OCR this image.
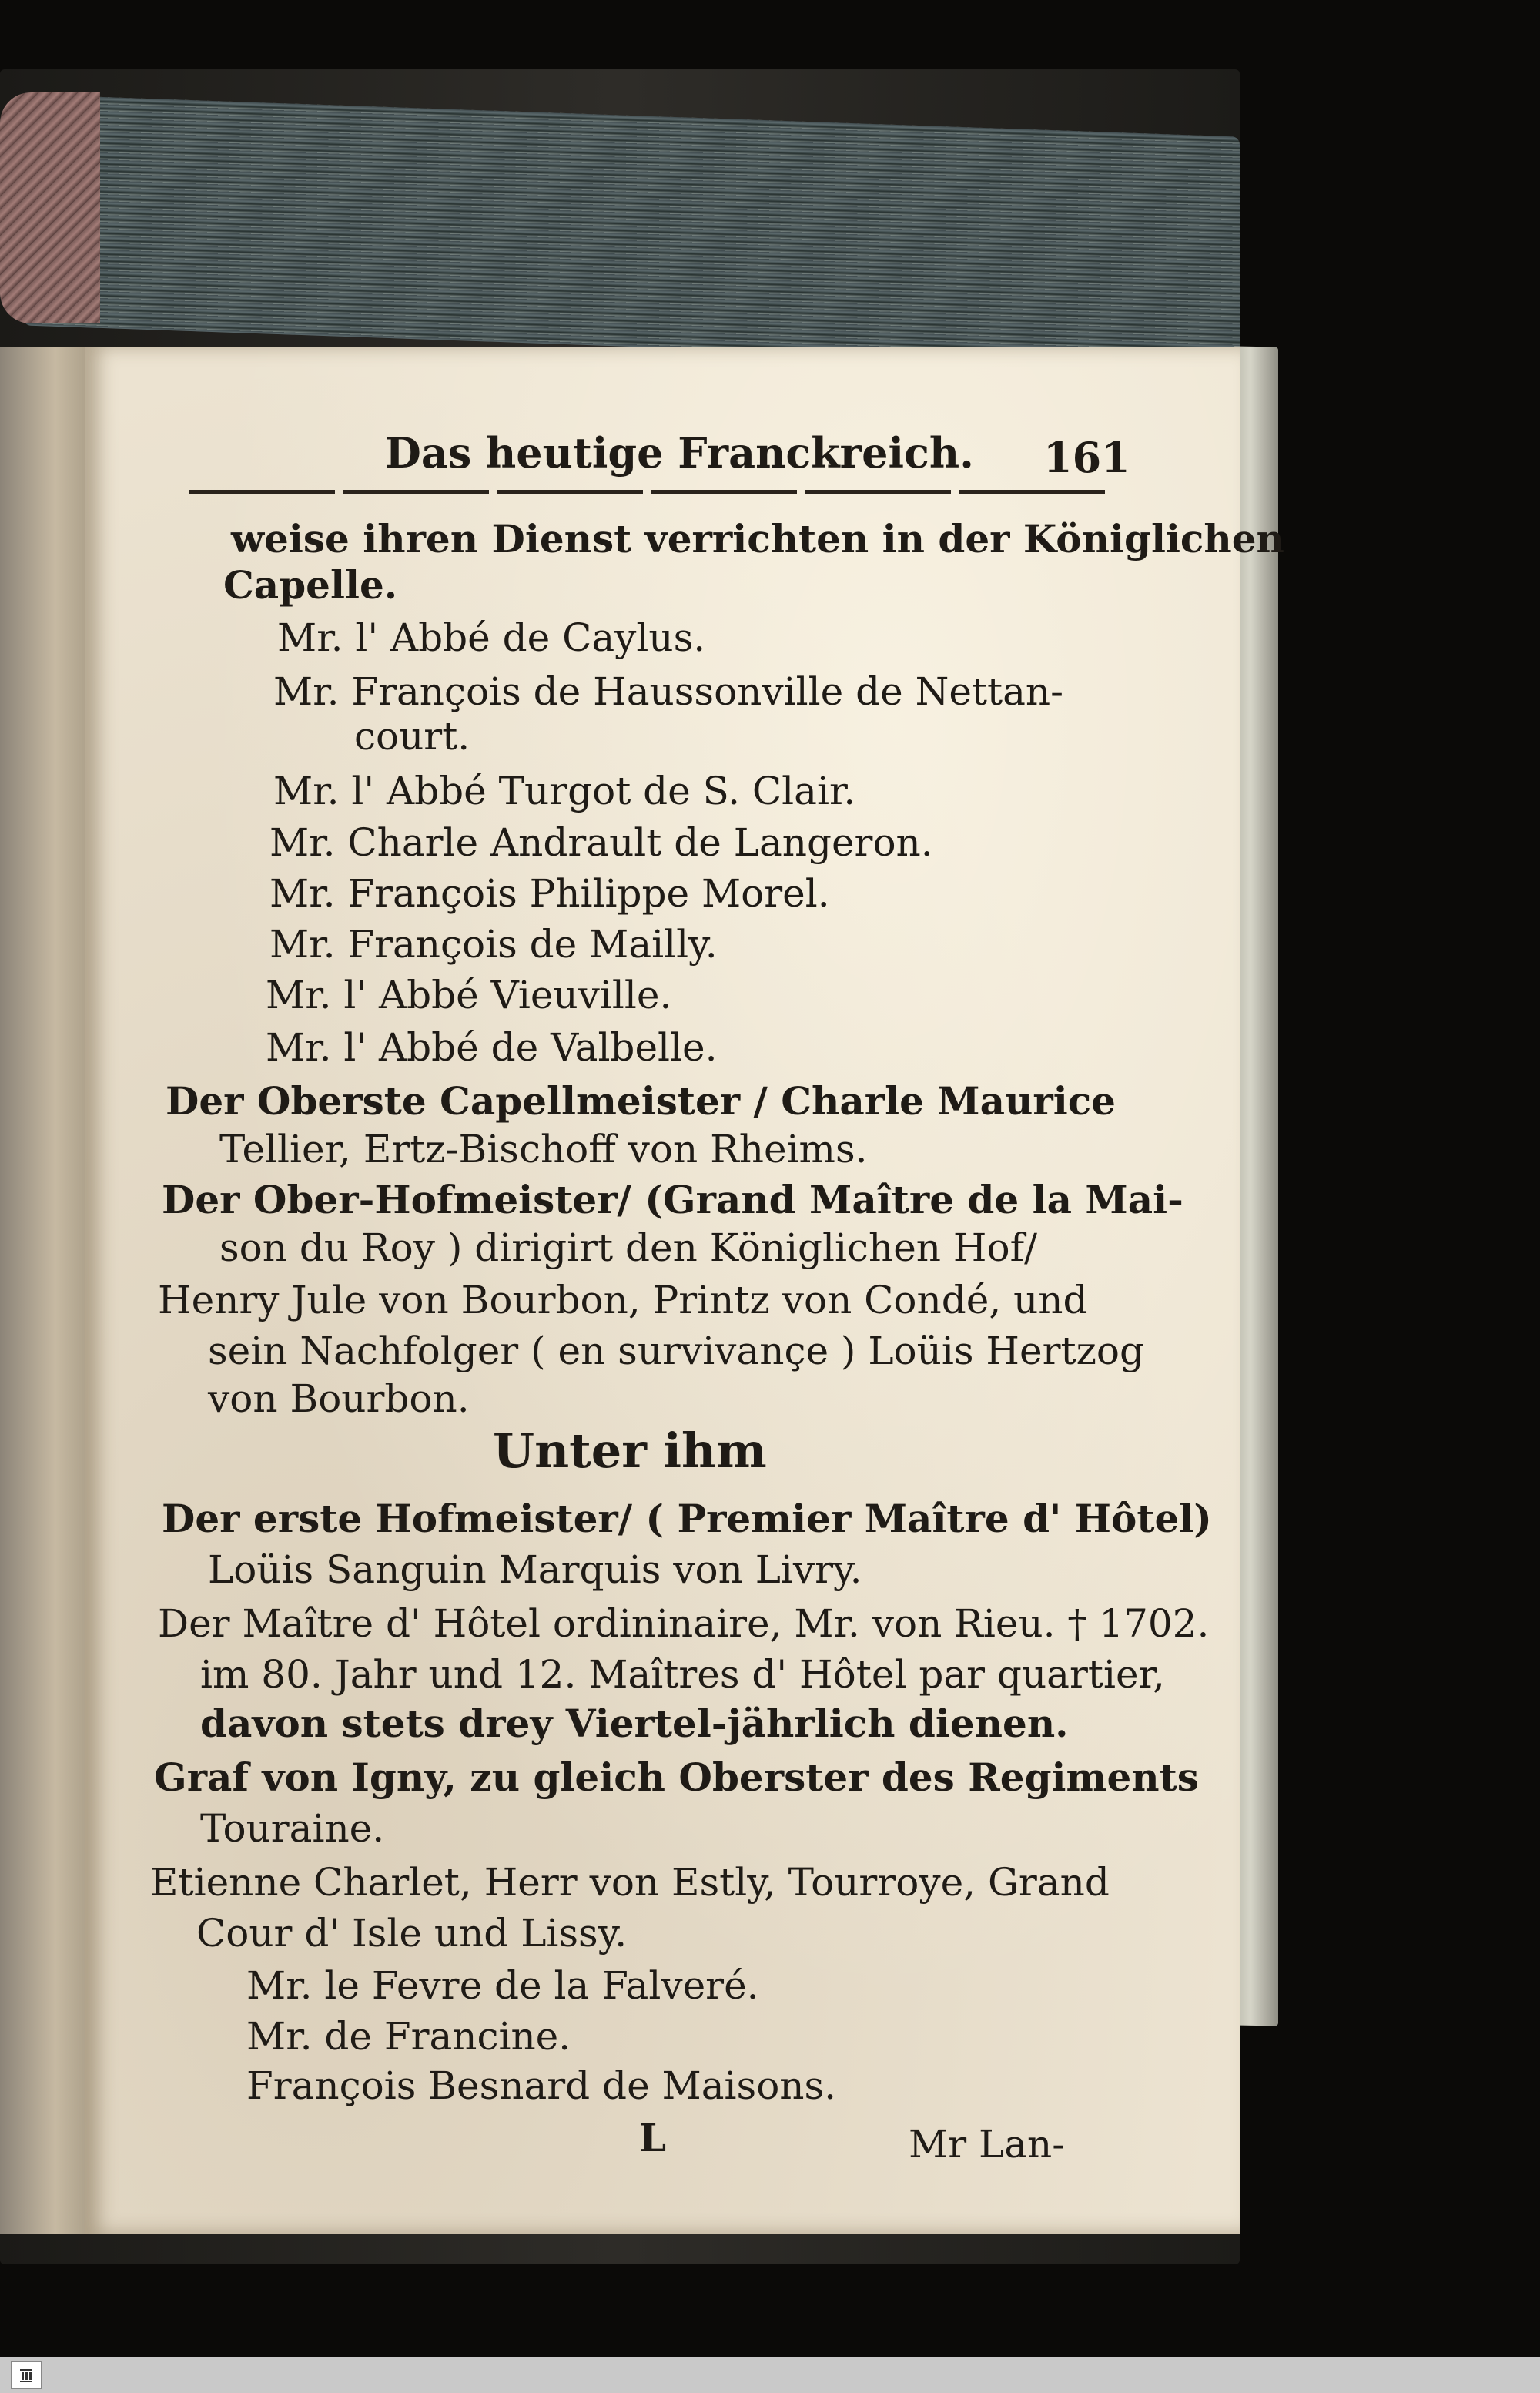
Das heutige Franckreich. 161
weise ihren Dienst verrichten in der Königlichen
Capelle.
Mr. l' Abbé de Caylus.
Mr. François de Haussonville de Nettan-
court.
Mr. l' Abbé Turgot de S. Clair.
Mr. Charle Andrault de Langeron.
Mr. François Philippe Morel.
Mr. François de Mailly.
Mr. l' Abbé Vieuville.
Mr. l' Abbé de Valbelle.
Der Oberste Capellmeister / Charle Maurice
Tellier, Ertz-Bischoff von Rheims.
Der Ober-Hofmeister/ (Grand Maître de la Mai-
son du Roy ) dirigirt den Königlichen Hof/
Henry Jule von Bourbon, Printz von Condé, und
sein Nachfolger ( en survivançe ) Loüis Hertzog
von Bourbon.
Unter ihm
Der erste Hofmeister/ ( Premier Maître d' Hôtel)
Loüis Sanguin Marquis von Livry.
Der Maître d' Hôtel ordininaire, Mr. von Rieu. † 1702.
im 80. Jahr und 12. Maîtres d' Hôtel par quartier,
davon stets drey Viertel-jährlich dienen.
Graf von Igny, zu gleich Oberster des Regiments
Touraine.
Etienne Charlet, Herr von Estly, Tourroye, Grand
Cour d' Isle und Lissy.
Mr. le Fevre de la Falveré.
Mr. de Francine.
François Besnard de Maisons.
L	Mr Lan-
